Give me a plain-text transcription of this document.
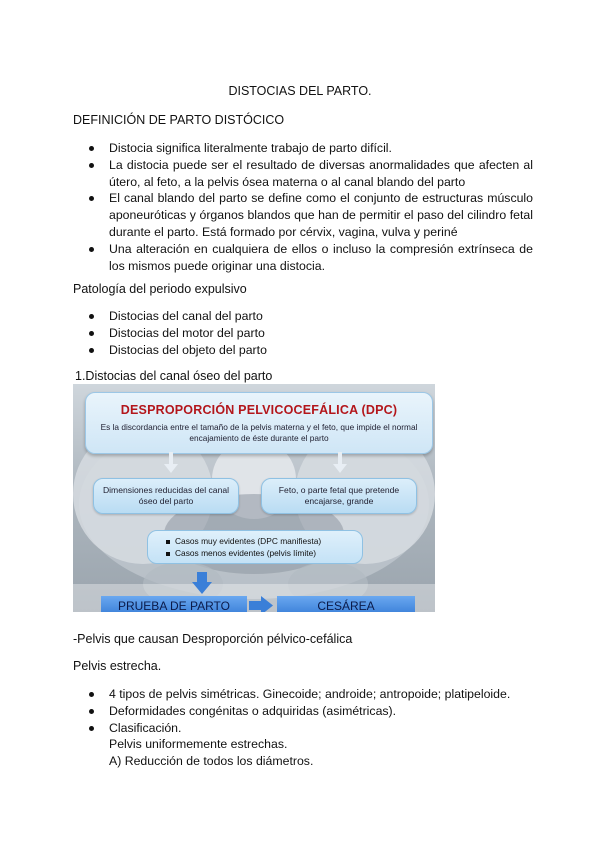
DISTOCIAS DEL PARTO.
DEFINICIÓN DE PARTO DISTÓCICO
Distocia significa literalmente trabajo de parto difícil.
La distocia puede ser el resultado de diversas anormalidades que afecten al útero, al feto, a la pelvis ósea materna o al canal blando del parto
El canal blando del parto se define como el conjunto de estructuras músculo aponeuróticas y órganos blandos que han de permitir el paso del cilindro fetal durante el parto. Está formado por cérvix, vagina, vulva y periné
Una alteración en cualquiera de ellos o incluso la compresión extrínseca de los mismos puede originar una distocia.
Patología del periodo expulsivo
Distocias del canal del parto
Distocias del motor del parto
Distocias del objeto del parto
1.Distocias del canal óseo del parto
DESPROPORCIÓN PELVICOCEFÁLICA (DPC)
Es la discordancia entre el tamaño de la pelvis materna y el feto, que impide el normal encajamiento de éste durante el parto
Dimensiones reducidas del canal óseo del parto
Feto, o parte fetal que pretende encajarse, grande
Casos muy evidentes (DPC manifiesta)
Casos menos evidentes (pelvis límite)
PRUEBA DE PARTO	CESÁREA
-Pelvis que causan Desproporción pélvico-cefálica
Pelvis estrecha.
4 tipos de pelvis simétricas. Ginecoide; androide; antropoide; platipeloide.
Deformidades congénitas o adquiridas (asimétricas).
Clasificación.
Pelvis uniformemente estrechas.
A) Reducción de todos los diámetros.
